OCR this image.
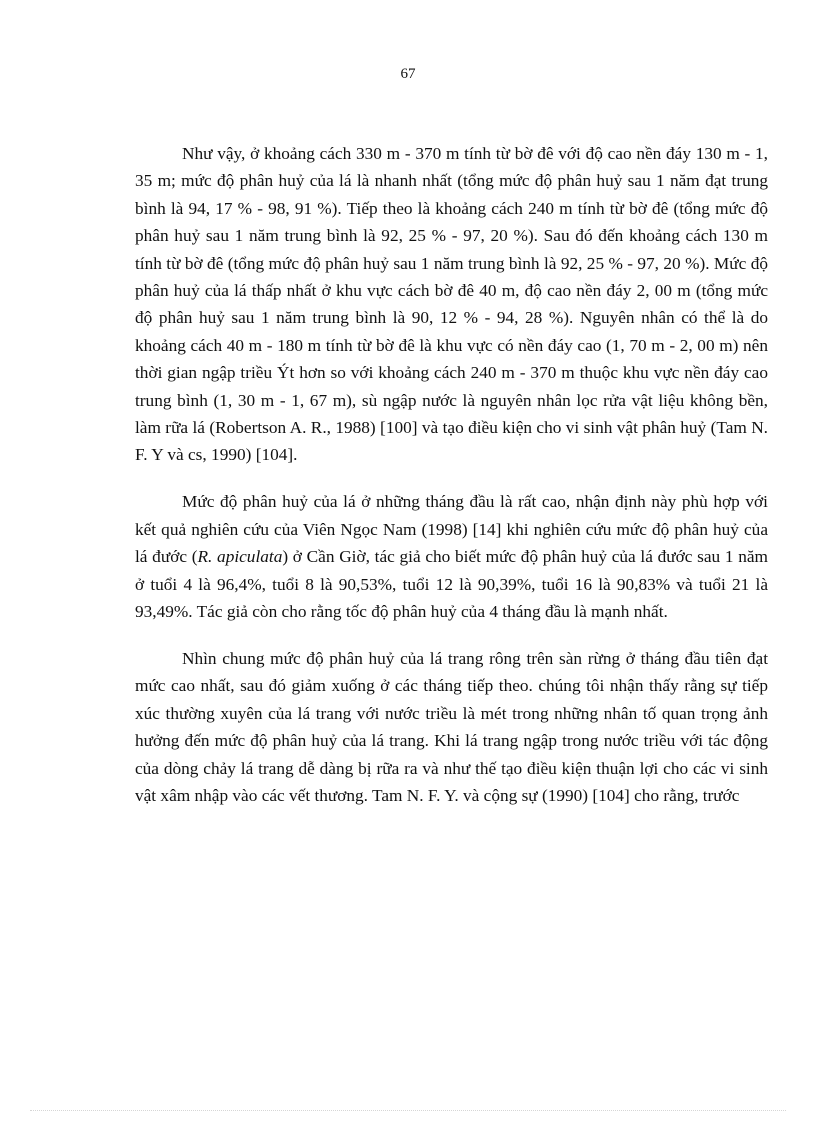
67

Như vậy, ở khoảng cách 330 m - 370 m tính từ bờ đê với độ cao nền đáy 130 m - 1, 35 m; mức độ phân huỷ của lá là nhanh nhất (tổng mức độ phân huỷ sau 1 năm đạt trung bình là 94, 17 % - 98, 91 %). Tiếp theo là khoảng cách 240 m tính từ bờ đê (tổng mức độ phân huỷ sau 1 năm trung bình là 92, 25 % - 97, 20 %). Sau đó đến khoảng cách 130 m tính từ bờ đê (tổng mức độ phân huỷ sau 1 năm trung bình là 92, 25 % - 97, 20 %). Mức độ phân huỷ của lá thấp nhất ở khu vực cách bờ đê 40 m, độ cao nền đáy 2, 00 m (tổng mức độ phân huỷ sau 1 năm trung bình là 90, 12 % - 94, 28 %). Nguyên nhân có thể là do khoảng cách 40 m - 180 m tính từ bờ đê là khu vực có nền đáy cao (1, 70 m - 2, 00 m) nên thời gian ngập triều Ýt hơn so với khoảng cách 240 m - 370 m thuộc khu vực nền đáy cao trung bình (1, 30 m - 1, 67 m), sù ngập nước là nguyên nhân lọc rửa vật liệu không bền, làm rữa lá (Robertson A. R., 1988) [100] và tạo điều kiện cho vi sinh vật phân huỷ (Tam N. F. Y và cs, 1990) [104].

Mức độ phân huỷ của lá ở những tháng đầu là rất cao, nhận định này phù hợp với kết quả nghiên cứu của Viên Ngọc Nam (1998) [14] khi nghiên cứu mức độ phân huỷ của lá đước (R. apiculata) ở Cần Giờ, tác giả cho biết mức độ phân huỷ của lá đước sau 1 năm ở tuổi 4 là 96,4%, tuổi 8 là 90,53%, tuổi 12 là 90,39%, tuổi 16 là 90,83% và tuổi 21 là 93,49%. Tác giả còn cho rằng tốc độ phân huỷ của 4 tháng đầu là mạnh nhất.

Nhìn chung mức độ phân huỷ của lá trang rông trên sàn rừng ở tháng đầu tiên đạt mức cao nhất, sau đó giảm xuống ở các tháng tiếp theo. chúng tôi nhận thấy rằng sự tiếp xúc thường xuyên của lá trang với nước triều là mét trong những nhân tố quan trọng ảnh hưởng đến mức độ phân huỷ của lá trang. Khi lá trang ngập trong nước triều với tác động của dòng chảy lá trang dễ dàng bị rữa ra và như thế tạo điều kiện thuận lợi cho các vi sinh vật xâm nhập vào các vết thương. Tam N. F. Y. và cộng sự (1990) [104] cho rằng, trước
